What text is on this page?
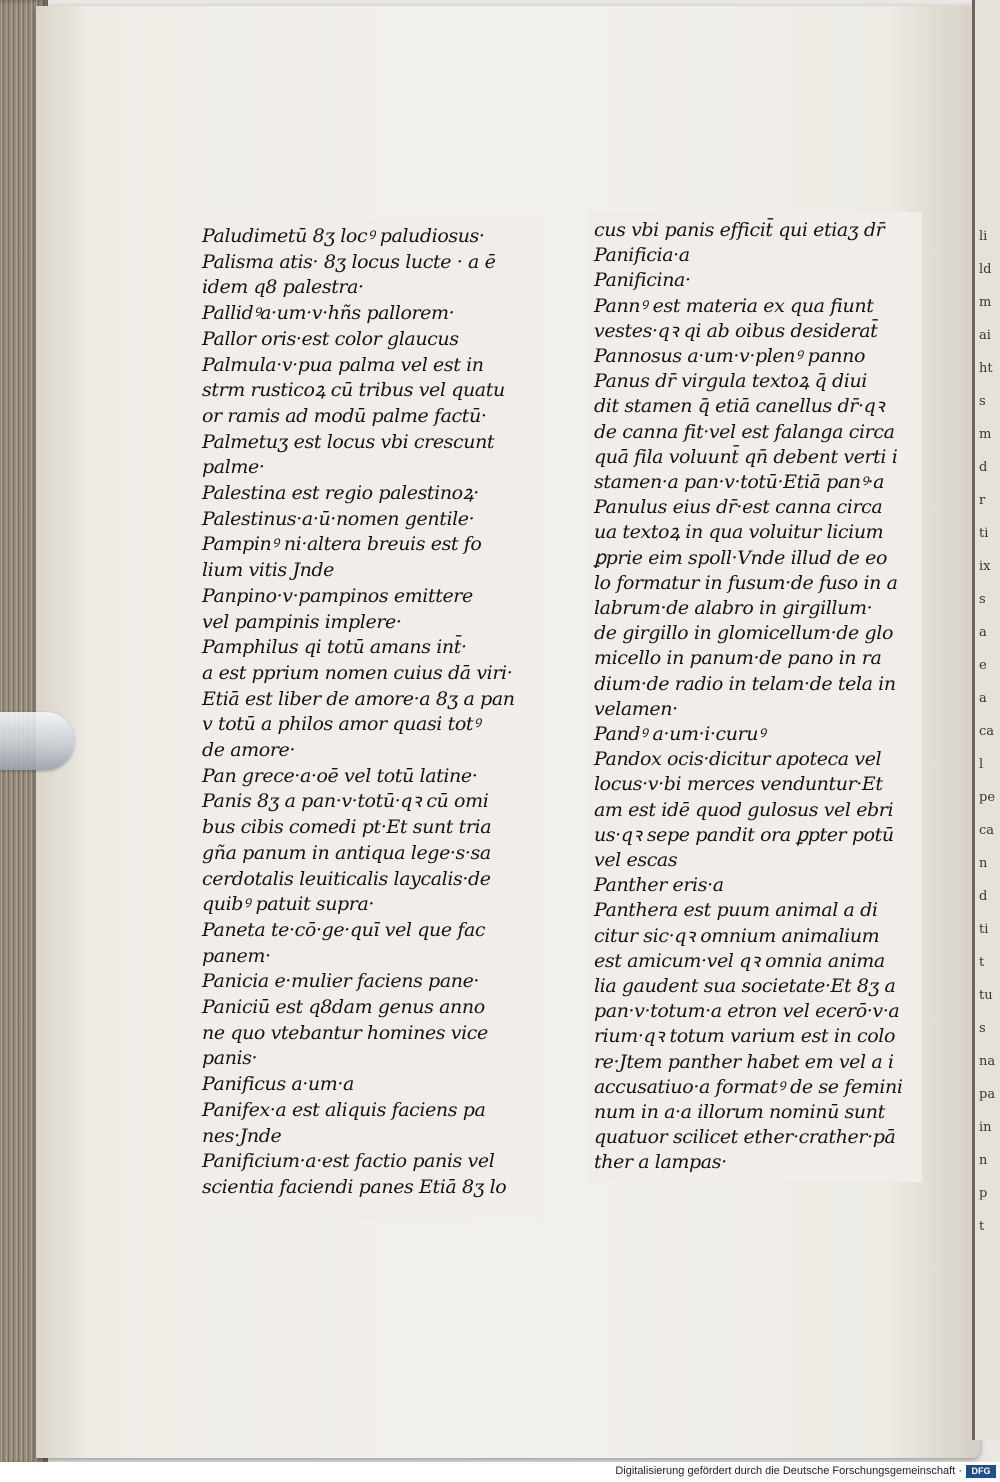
li
ld
m
ai
ht
s
m
d
r
ti
ix
s
a
e
a
ca
l
pe
ca
n
d
ti
t
tu
s
na
pa
in
n
p
t
Paludimetū 8ʒ locꝰ paludiosus·
Palisma atis· 8ʒ locus lucte · a ē
idem q8 palestra·
Pallidꝰa·um·v·hñs pallorem·
Pallor oris·est color glaucus
Palmula·v·pua palma vel est in
strm rusticoꝝ cū tribus vel quatu
or ramis ad modū palme factū·
Palmetuʒ est locus vbi crescunt
palme·
Palestina est regio palestinoꝝ·
Palestinus·a·ū·nomen gentile·
Pampinꝰ ni·altera breuis est fo
lium vitis Jnde
Panpino·v·pampinos emittere
vel pampinis implere·
Pamphilus qi totū amans int̄·
a est pprium nomen cuius dā viri·
Etiā est liber de amore·a 8ʒ a pan
v totū a philos amor quasi totꝰ
de amore·
Pan grece·a·oē vel totū latine·
Panis 8ʒ a pan·v·totū·qꝛ cū omi
bus cibis comedi pt·Et sunt tria
gña panum in antiqua lege·s·sa
cerdotalis leuiticalis laycalis·de
quibꝰ patuit supra·
Paneta te·cō·ge·quī vel que fac
panem·
Panicia e·mulier faciens pane·
Paniciū est q8dam genus anno
ne quo vtebantur homines vice
panis·
Panificus a·um·a
Panifex·a est aliquis faciens pa
nes·Jnde
Panificium·a·est factio panis vel
scientia faciendi panes Etiā 8ʒ lo
cus vbi panis efficit̄ qui etiaʒ dr̄
Panificia·a
Panificina·
Pannꝰ est materia ex qua fiunt
vestes·qꝛ qi ab oibus desiderat̄
Pannosus a·um·v·plenꝰ panno
Panus dr̄ virgula textoꝝ q̄ diui
dit stamen q̄ etiā canellus dr̄·qꝛ
de canna fit·vel est falanga circa
quā fila voluunt̄ qn̄ debent verti i
stamen·a pan·v·totū·Etiā panꝰ·a
Panulus eius dr̄·est canna circa
ua textoꝝ in qua voluitur licium
ꝑprie eim spoll·Vnde illud de eo
lo formatur in fusum·de fuso in a
labrum·de alabro in girgillum·
de girgillo in glomicellum·de glo
micello in panum·de pano in ra
dium·de radio in telam·de tela in
velamen·
Pandꝰ a·um·i·curuꝰ
Pandox ocis·dicitur apoteca vel
locus·v·bi merces venduntur·Et
am est idē quod gulosus vel ebri
us·qꝛ sepe pandit ora ꝑpter potū
vel escas
Panther eris·a
Panthera est puum animal a di
citur sic·qꝛ omnium animalium
est amicum·vel qꝛ omnia anima
lia gaudent sua societate·Et 8ʒ a
pan·v·totum·a etron vel ecerō·v·a
rium·qꝛ totum varium est in colo
re·Jtem panther habet em vel a i
accusatiuo·a formatꝰ de se femini
num in a·a illorum nominū sunt
quatuor scilicet ether·crather·pā
ther a lampas·
Digitalisierung gefördert durch die Deutsche Forschungsgemeinschaft ·	DFG
